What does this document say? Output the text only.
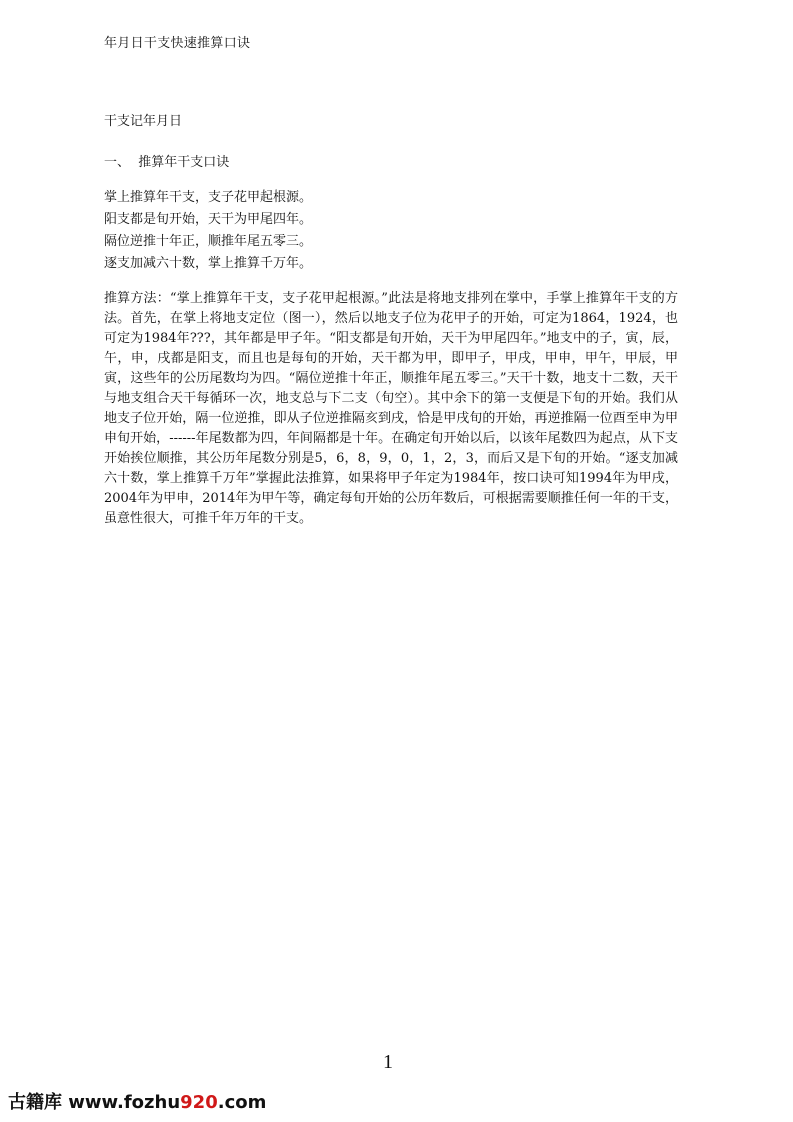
年月日干支快速推算口诀
干支记年月日
一、  推算年干支口诀
掌上推算年干支，支子花甲起根源。
阳支都是旬开始，天干为甲尾四年。
隔位逆推十年正，顺推年尾五零三。
逐支加减六十数，掌上推算千万年。
推算方法：“掌上推算年干支，支子花甲起根源。”此法是将地支排列在掌中，手掌上推算年干支的方法。首先，在掌上将地支定位（图一），然后以地支子位为花甲子的开始，可定为1864，1924，也可定为1984年???，其年都是甲子年。“阳支都是旬开始，天干为甲尾四年。”地支中的子，寅，辰，午，申，戌都是阳支，而且也是每旬的开始，天干都为甲，即甲子，甲戌，甲申，甲午，甲辰，甲寅，这些年的公历尾数均为四。“隔位逆推十年正，顺推年尾五零三。”天干十数，地支十二数，天干与地支组合天干每循环一次，地支总与下二支（旬空）。其中余下的第一支便是下旬的开始。我们从地支子位开始，隔一位逆推，即从子位逆推隔亥到戌，恰是甲戌旬的开始，再逆推隔一位酉至申为甲申旬开始，------年尾数都为四，年间隔都是十年。在确定旬开始以后，以该年尾数四为起点，从下支开始挨位顺推，其公历年尾数分别是5，6，8，9，0，1，2，3，而后又是下旬的开始。“逐支加减六十数，掌上推算千万年”掌握此法推算，如果将甲子年定为1984年，按口诀可知1994年为甲戌，2004年为甲申，2014年为甲午等，确定每旬开始的公历年数后，可根据需要顺推任何一年的干支，虽意性很大，可推千年万年的干支。
1
古籍库 www.fozhu920.com
